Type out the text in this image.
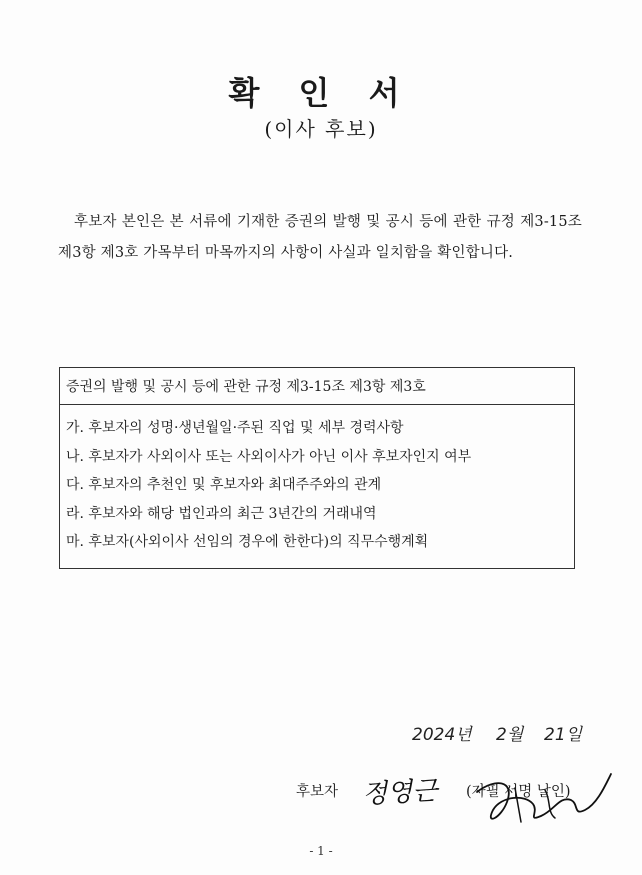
확 인 서
(이사 후보)

후보자 본인은 본 서류에 기재한 증권의 발행 및 공시 등에 관한 규정 제3-15조 제3항 제3호 가목부터 마목까지의 사항이 사실과 일치함을 확인합니다.

증권의 발행 및 공시 등에 관한 규정 제3-15조 제3항 제3호
가. 후보자의 성명·생년월일·주된 직업 및 세부 경력사항
나. 후보자가 사외이사 또는 사외이사가 아닌 이사 후보자인지 여부
다. 후보자의 추천인 및 후보자와 최대주주와의 관계
라. 후보자와 해당 법인과의 최근 3년간의 거래내역
마. 후보자(사외이사 선임의 경우에 한한다)의 직무수행계획
2024년 2월 21일
후보자 정영근 (자필 서명 날인)
- 1 -
